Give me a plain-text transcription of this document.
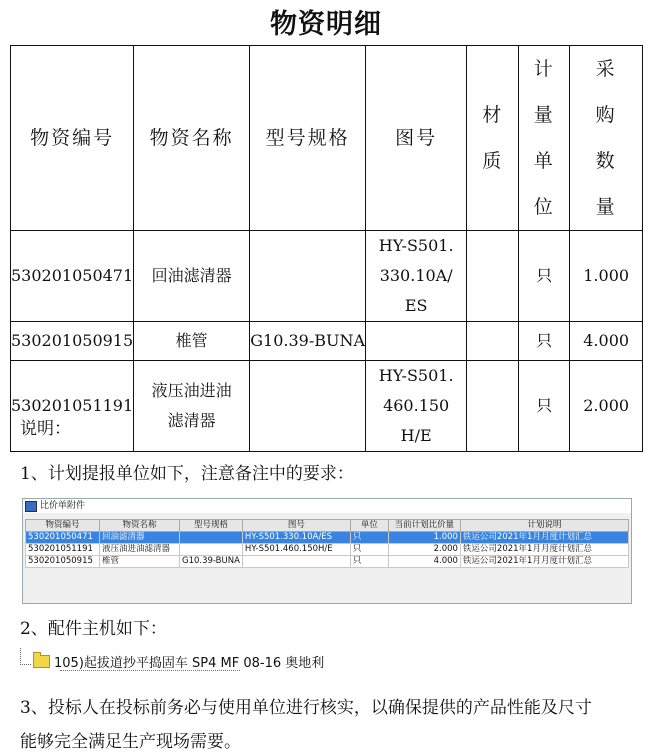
物资明细
物资编号	物资名称	型号规格	图号	材质	计量单位	采购数量
530201050471	回油滤清器		HY-S501.330.10A/ES		只	1.000
530201050915	椎管	G10.39-BUNA			只	4.000
530201051191	液压油进油滤清器		HY-S501.460.150H/E		只	2.000
说明：
1、计划提报单位如下，注意备注中的要求：
比价单附件
物资编号	物资名称	型号规格	图号	单位	当前计划比价量	计划说明
530201050471	回油滤清器		HY-S501.330.10A/ES	只	1.000	铁运公司2021年1月月度计划汇总
530201051191	液压油进油滤清器		HY-S501.460.150H/E	只	2.000	铁运公司2021年1月月度计划汇总
530201050915	椎管	G10.39-BUNA		只	4.000	铁运公司2021年1月月度计划汇总
2、配件主机如下：
105)起拔道抄平捣固车 SP4 MF 08-16 奥地利
3、投标人在投标前务必与使用单位进行核实，以确保提供的产品性能及尺寸
能够完全满足生产现场需要。
